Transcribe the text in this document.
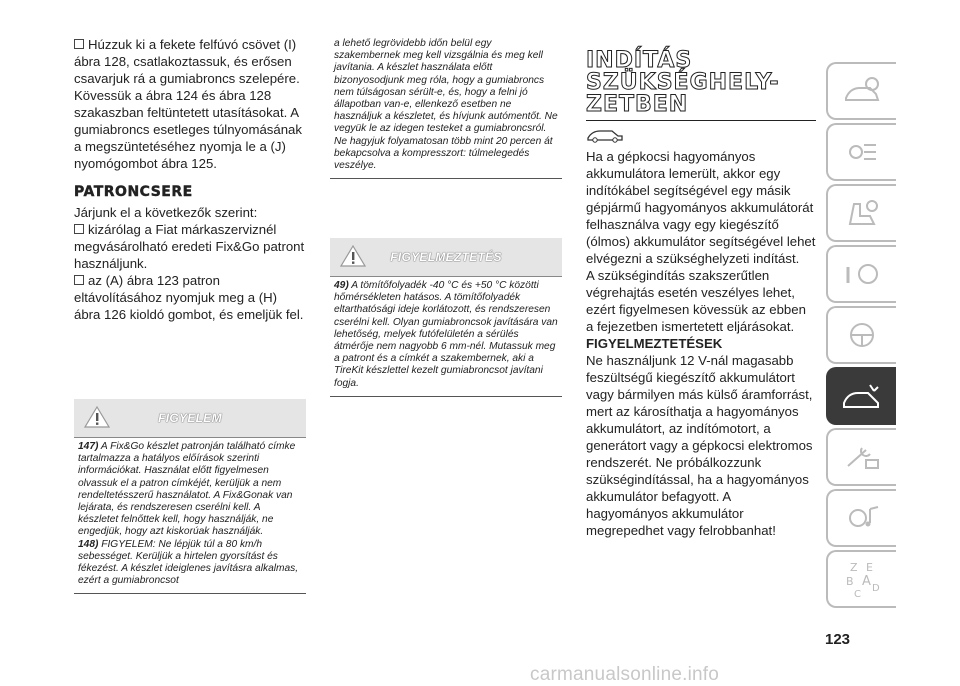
Húzzuk ki a fekete felfúvó csövet (I) ábra 128, csatlakoztassuk, és erősen csavarjuk rá a gumiabroncs szelepére. Kövessük a ábra 124 és ábra 128 szakaszban feltüntetett utasításokat. A gumiabroncs esetleges túlnyomásának a megszüntetéséhez nyomja le a (J) nyomógombot ábra 125.

PATRONCSERE

Járjunk el a következők szerint:

kizárólag a Fiat márkaszerviznél megvásárolható eredeti Fix&Go patront használjunk.

az (A) ábra 123 patron eltávolításához nyomjuk meg a (H) ábra 126 kioldó gombot, és emeljük fel.

FIGYELEM

147) A Fix&Go készlet patronján található címke tartalmazza a hatályos előírások szerinti információkat. Használat előtt figyelmesen olvassuk el a patron címkéjét, kerüljük a nem rendeltetésszerű használatot. A Fix&Gonak van lejárata, és rendszeresen cserélni kell. A készletet felnőttek kell, hogy használják, ne engedjük, hogy azt kiskorúak használják.
148) FIGYELEM: Ne lépjük túl a 80 km/h sebességet. Kerüljük a hirtelen gyorsítást és fékezést. A készlet ideiglenes javításra alkalmas, ezért a gumiabroncsot

a lehető legrövidebb időn belül egy szakembernek meg kell vizsgálnia és meg kell javítania. A készlet használata előtt bizonyosodjunk meg róla, hogy a gumiabroncs nem túlságosan sérült-e, és, hogy a felni jó állapotban van-e, ellenkező esetben ne használjuk a készletet, és hívjunk autómentőt. Ne vegyük le az idegen testeket a gumiabroncsról. Ne hagyjuk folyamatosan több mint 20 percen át bekapcsolva a kompresszort: túlmelegedés veszélye.

FIGYELMEZTETÉS

49) A tömítőfolyadék -40 °C és +50 °C közötti hőmérsékleten hatásos. A tömítőfolyadék eltarthatósági ideje korlátozott, és rendszeresen cserélni kell. Olyan gumiabroncsok javítására van lehetőség, melyek futófelületén a sérülés átmérője nem nagyobb 6 mm-nél. Mutassuk meg a patront és a címkét a szakembernek, aki a TireKit készlettel kezelt gumiabroncsot javítani fogja.

INDÍTÁS
SZÜKSÉGHELY-
ZETBEN

Ha a gépkocsi hagyományos akkumulátora lemerült, akkor egy indítókábel segítségével egy másik gépjármű hagyományos akkumulátorát felhasználva vagy egy kiegészítő (ólmos) akkumulátor segítségével lehet elvégezni a szükséghelyzeti indítást.

A szükségindítás szakszerűtlen végrehajtás esetén veszélyes lehet, ezért figyelmesen kövessük az ebben a fejezetben ismertetett eljárásokat.

FIGYELMEZTETÉSEK

Ne használjunk 12 V-nál magasabb feszültségű kiegészítő akkumulátort vagy bármilyen más külső áramforrást, mert az károsíthatja a hagyományos akkumulátort, az indítómotort, a generátort vagy a gépkocsi elektromos rendszerét. Ne próbálkozzunk szükségindítással, ha a hagyományos akkumulátor befagyott. A hagyományos akkumulátor megrepedhet vagy felrobbanhat!

Z E
B A D
C
123
carmanualsonline.info
